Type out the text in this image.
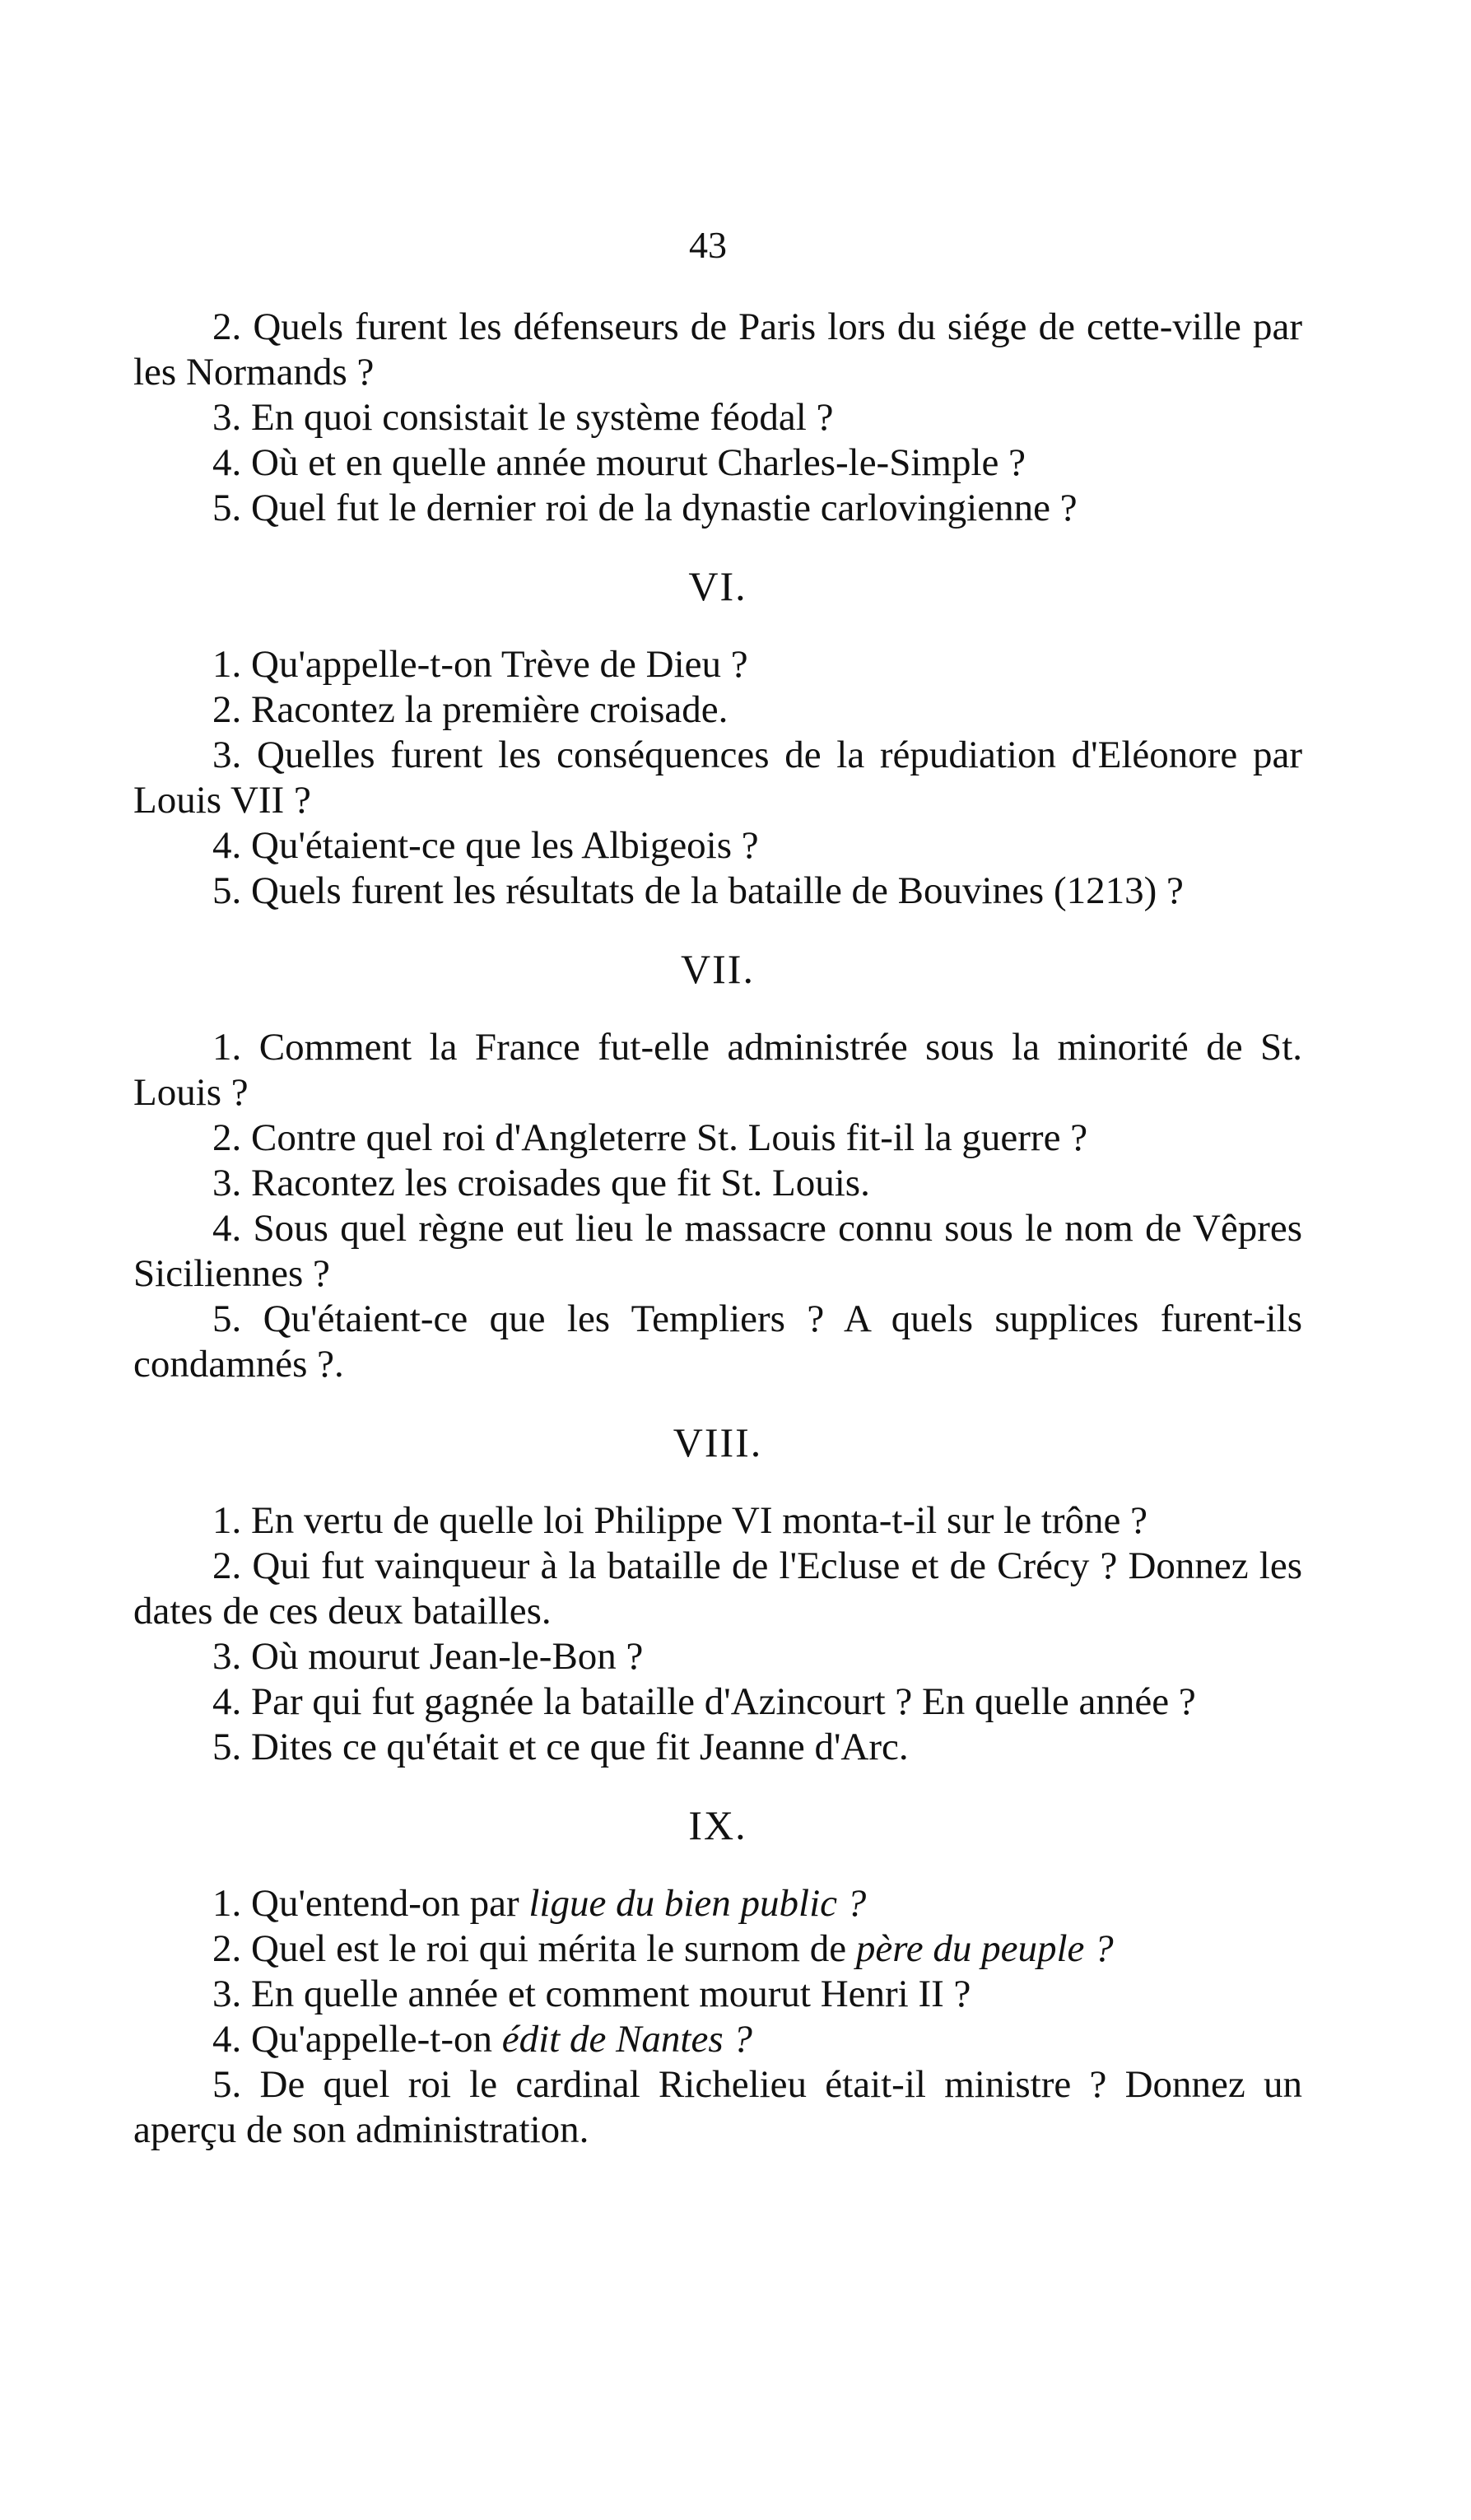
43

2. Quels furent les défenseurs de Paris lors du siége de cette-ville par les Normands ?

3. En quoi consistait le système féodal ?

4. Où et en quelle année mourut Charles-le-Simple ?

5. Quel fut le dernier roi de la dynastie carlovingienne ?

VI.

1. Qu'appelle-t-on Trève de Dieu ?

2. Racontez la première croisade.

3. Quelles furent les conséquences de la répudiation d'Eléonore par Louis VII ?

4. Qu'étaient-ce que les Albigeois ?

5. Quels furent les résultats de la bataille de Bouvines (1213) ?

VII.

1. Comment la France fut-elle administrée sous la minorité de St. Louis ?

2. Contre quel roi d'Angleterre St. Louis fit-il la guerre ?

3. Racontez les croisades que fit St. Louis.

4. Sous quel règne eut lieu le massacre connu sous le nom de Vêpres Siciliennes ?

5. Qu'étaient-ce que les Templiers ? A quels supplices furent-ils condamnés ?.

VIII.

1. En vertu de quelle loi Philippe VI monta-t-il sur le trône ?

2. Qui fut vainqueur à la bataille de l'Ecluse et de Crécy ? Donnez les dates de ces deux batailles.

3. Où mourut Jean-le-Bon ?

4. Par qui fut gagnée la bataille d'Azincourt ? En quelle année ?

5. Dites ce qu'était et ce que fit Jeanne d'Arc.

IX.

1. Qu'entend-on par ligue du bien public ?

2. Quel est le roi qui mérita le surnom de père du peuple ?

3. En quelle année et comment mourut Henri II ?

4. Qu'appelle-t-on édit de Nantes ?

5. De quel roi le cardinal Richelieu était-il ministre ? Donnez un aperçu de son administration.
